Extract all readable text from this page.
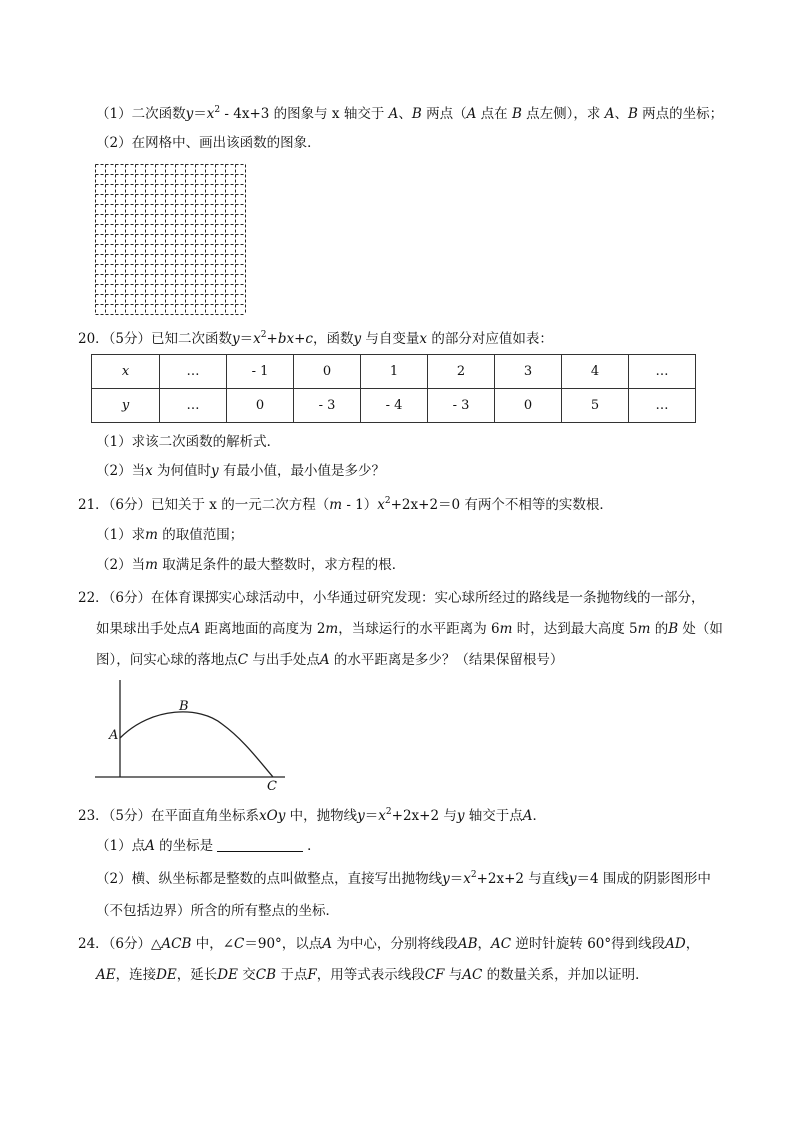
（1）二次函数$y=x^2 - 4x+3$ 的图象与 x 轴交于 A、B 两点（A 点在 B 点左侧），求 A、B 两点的坐标；
（2）在网格中、画出该函数的图象．
20．（5分）已知二次函数$y=x^2+bx+c$，函数y 与自变量x 的部分对应值如表：
x	…	- 1	0	1	2	3	4	…
y	…	0	- 3	- 4	- 3	0	5	…
（1）求该二次函数的解析式．
（2）当x 为何值时y 有最小值，最小值是多少？
21．（6分）已知关于 x 的一元二次方程$(m - 1)x^2+2x+2=0$ 有两个不相等的实数根．
（1）求m 的取值范围；
（2）当m 取满足条件的最大整数时，求方程的根．
22．（6分）在体育课掷实心球活动中，小华通过研究发现：实心球所经过的路线是一条抛物线的一部分，
如果球出手处点A 距离地面的高度为 2m，当球运行的水平距离为 6m 时，达到最大高度 5m 的B 处（如
图），问实心球的落地点C 与出手处点A 的水平距离是多少？（结果保留根号）
A
B
C
23．（5分）在平面直角坐标系xOy 中，抛物线$y=x^2+2x+2$ 与y 轴交于点A．
（1）点A 的坐标是	．
（2）横、纵坐标都是整数的点叫做整点，直接写出抛物线$y=x^2+2x+2$ 与直线y＝4 围成的阴影图形中
（不包括边界）所含的所有整点的坐标．
24．（6分）△ACB 中，∠C＝90°，以点A 为中心，分别将线段AB，AC 逆时针旋转 60°得到线段AD，
AE，连接DE，延长DE 交CB 于点F，用等式表示线段CF 与AC 的数量关系，并加以证明．
